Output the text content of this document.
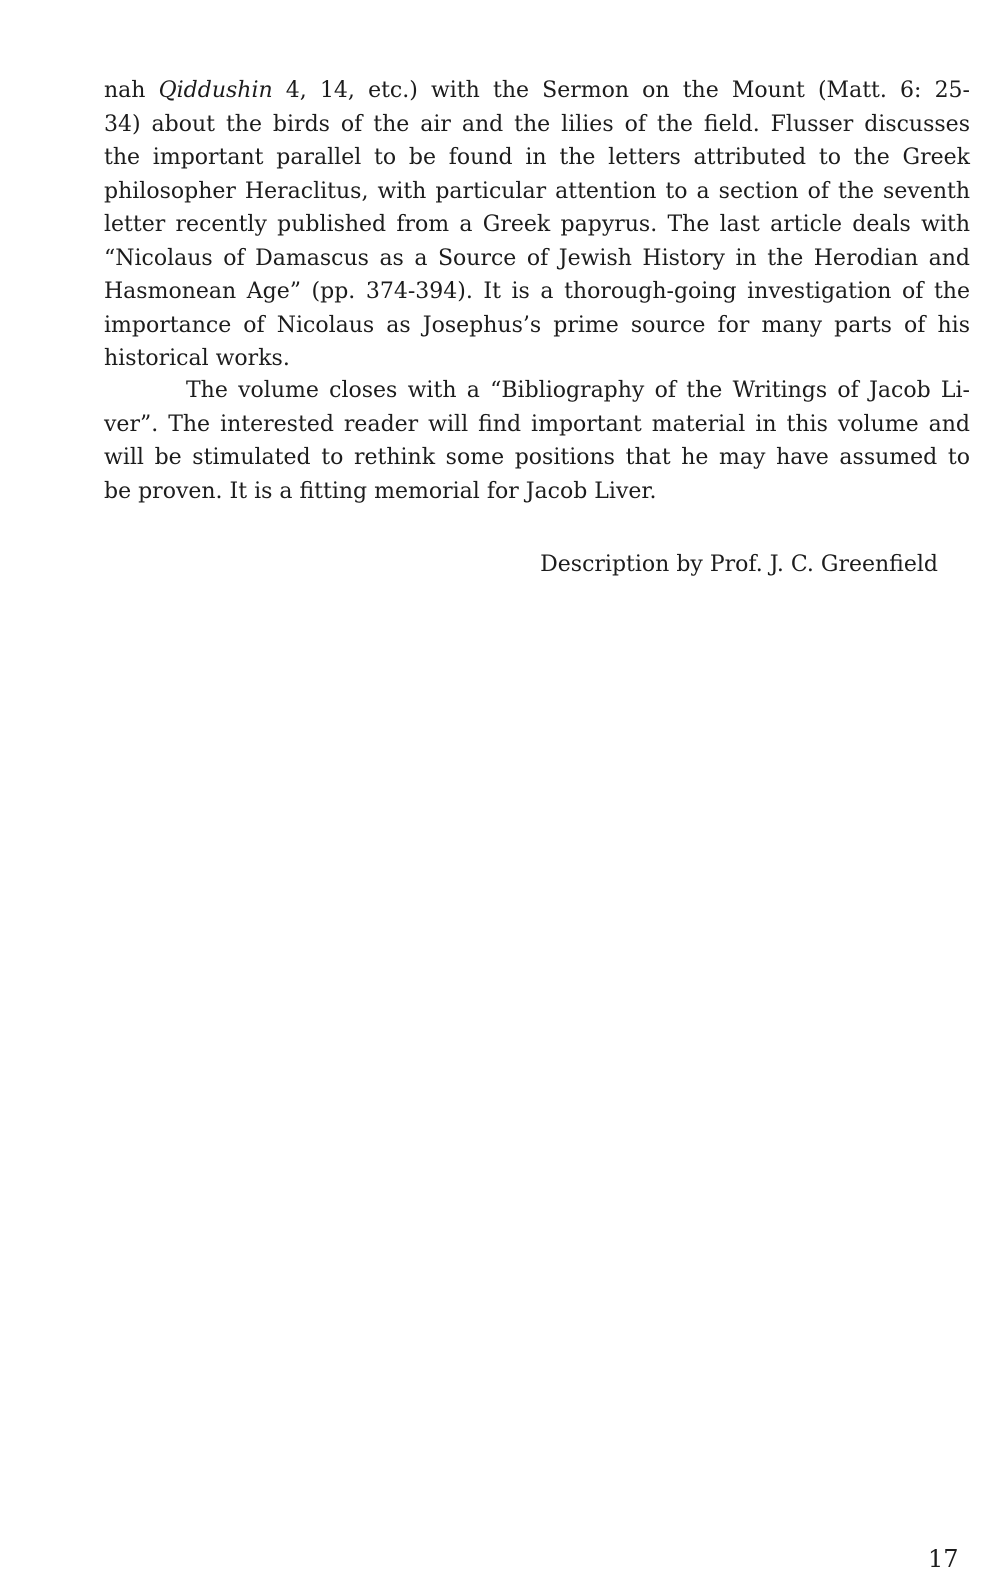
nah Qiddushin 4, 14, etc.) with the Sermon on the Mount (Matt. 6: 25-
34) about the birds of the air and the lilies of the field. Flusser discusses
the important parallel to be found in the letters attributed to the Greek
philosopher Heraclitus, with particular attention to a section of the seventh
letter recently published from a Greek papyrus. The last article deals with
“Nicolaus of Damascus as a Source of Jewish History in the Herodian and
Hasmonean Age” (pp. 374-394). It is a thorough-going investigation of the
importance of Nicolaus as Josephus’s prime source for many parts of his
historical works.
The volume closes with a “Bibliography of the Writings of Jacob Li-
ver”. The interested reader will find important material in this volume and
will be stimulated to rethink some positions that he may have assumed to
be proven. It is a fitting memorial for Jacob Liver.
Description by Prof. J. C. Greenfield
17
